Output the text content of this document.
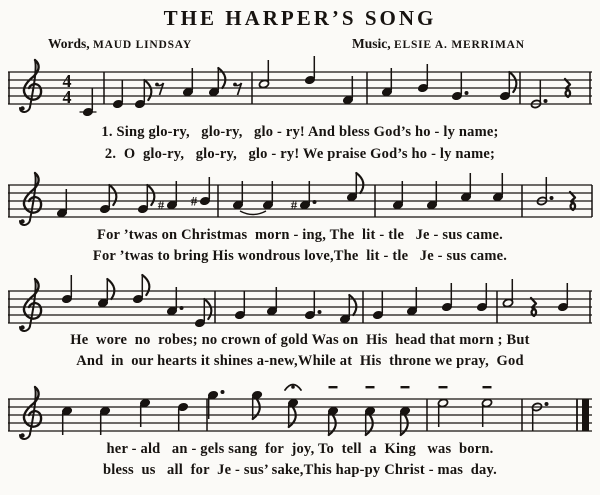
THE HARPER’S SONG
Words, MAUD LINDSAY	Music, ELSIE A. MERRIMAN
4
4
# #	#
1. Sing glo-ry,   glo-ry,   glo - ry! And bless God’s ho - ly name;
2.  O  glo-ry,   glo-ry,   glo - ry! We praise God’s ho - ly name;
For ’twas on Christmas  morn - ing, The  lit - tle   Je - sus came.
For ’twas to bring His wondrous love,The  lit - tle   Je - sus came.
He  wore  no  robes; no crown of gold Was on  His  head that morn ; But
And  in  our hearts it shines a-new,While at  His  throne we pray,  God
her - ald   an - gels sang  for  joy, To  tell  a  King   was  born.
bless  us   all  for  Je - sus’ sake,This hap-py Christ - mas  day.
